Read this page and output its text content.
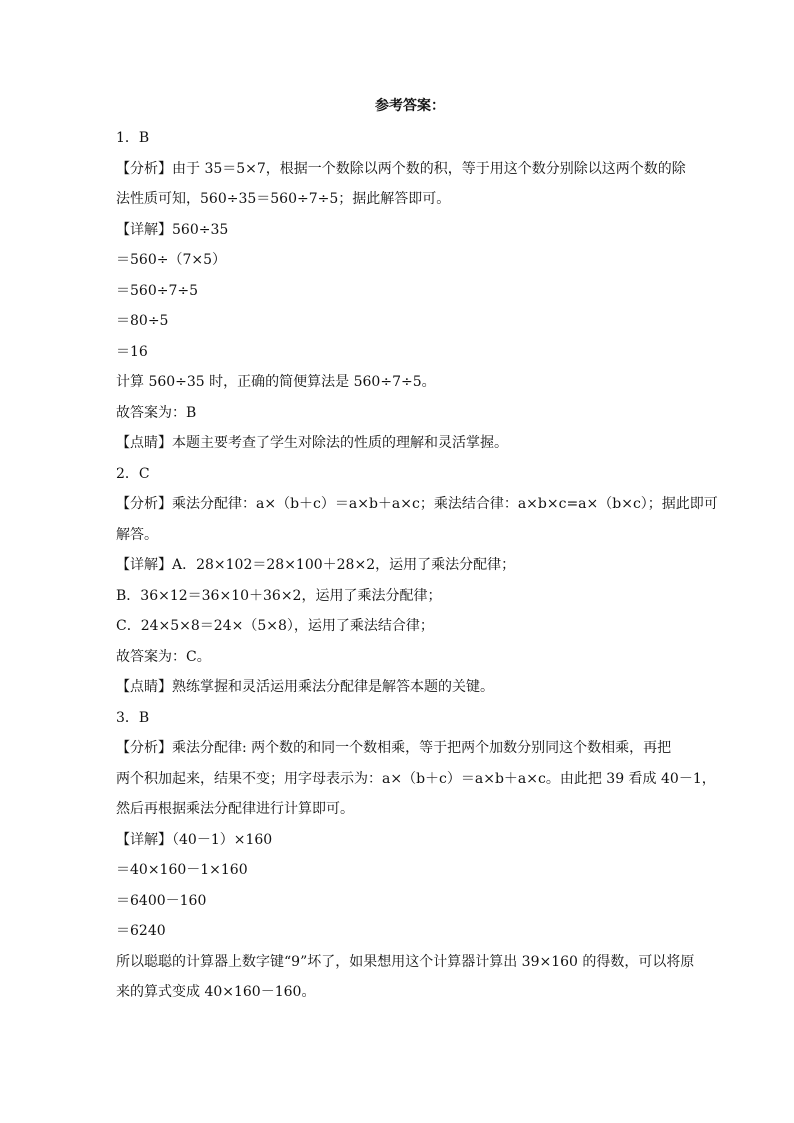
参考答案：
1．B
【分析】由于 35＝5×7，根据一个数除以两个数的积，等于用这个数分别除以这两个数的除
法性质可知，560÷35＝560÷7÷5；据此解答即可。
【详解】560÷35
＝560÷（7×5）
＝560÷7÷5
＝80÷5
＝16
计算 560÷35 时，正确的简便算法是 560÷7÷5。
故答案为：B
【点睛】本题主要考查了学生对除法的性质的理解和灵活掌握。
2．C
【分析】乘法分配律：a×（b＋c）＝a×b＋a×c；乘法结合律：a×b×c=a×（b×c）；据此即可
解答。
【详解】A．28×102＝28×100＋28×2，运用了乘法分配律；
B．36×12＝36×10＋36×2，运用了乘法分配律；
C．24×5×8＝24×（5×8），运用了乘法结合律；
故答案为：C。
【点睛】熟练掌握和灵活运用乘法分配律是解答本题的关键。
3．B
【分析】乘法分配律: 两个数的和同一个数相乘，等于把两个加数分别同这个数相乘，再把
两个积加起来，结果不变；用字母表示为：a×（b＋c）＝a×b＋a×c。由此把 39 看成 40－1，
然后再根据乘法分配律进行计算即可。
【详解】（40－1）×160
＝40×160－1×160
＝6400－160
＝6240
所以聪聪的计算器上数字键“9”坏了，如果想用这个计算器计算出 39×160 的得数，可以将原
来的算式变成 40×160－160。
